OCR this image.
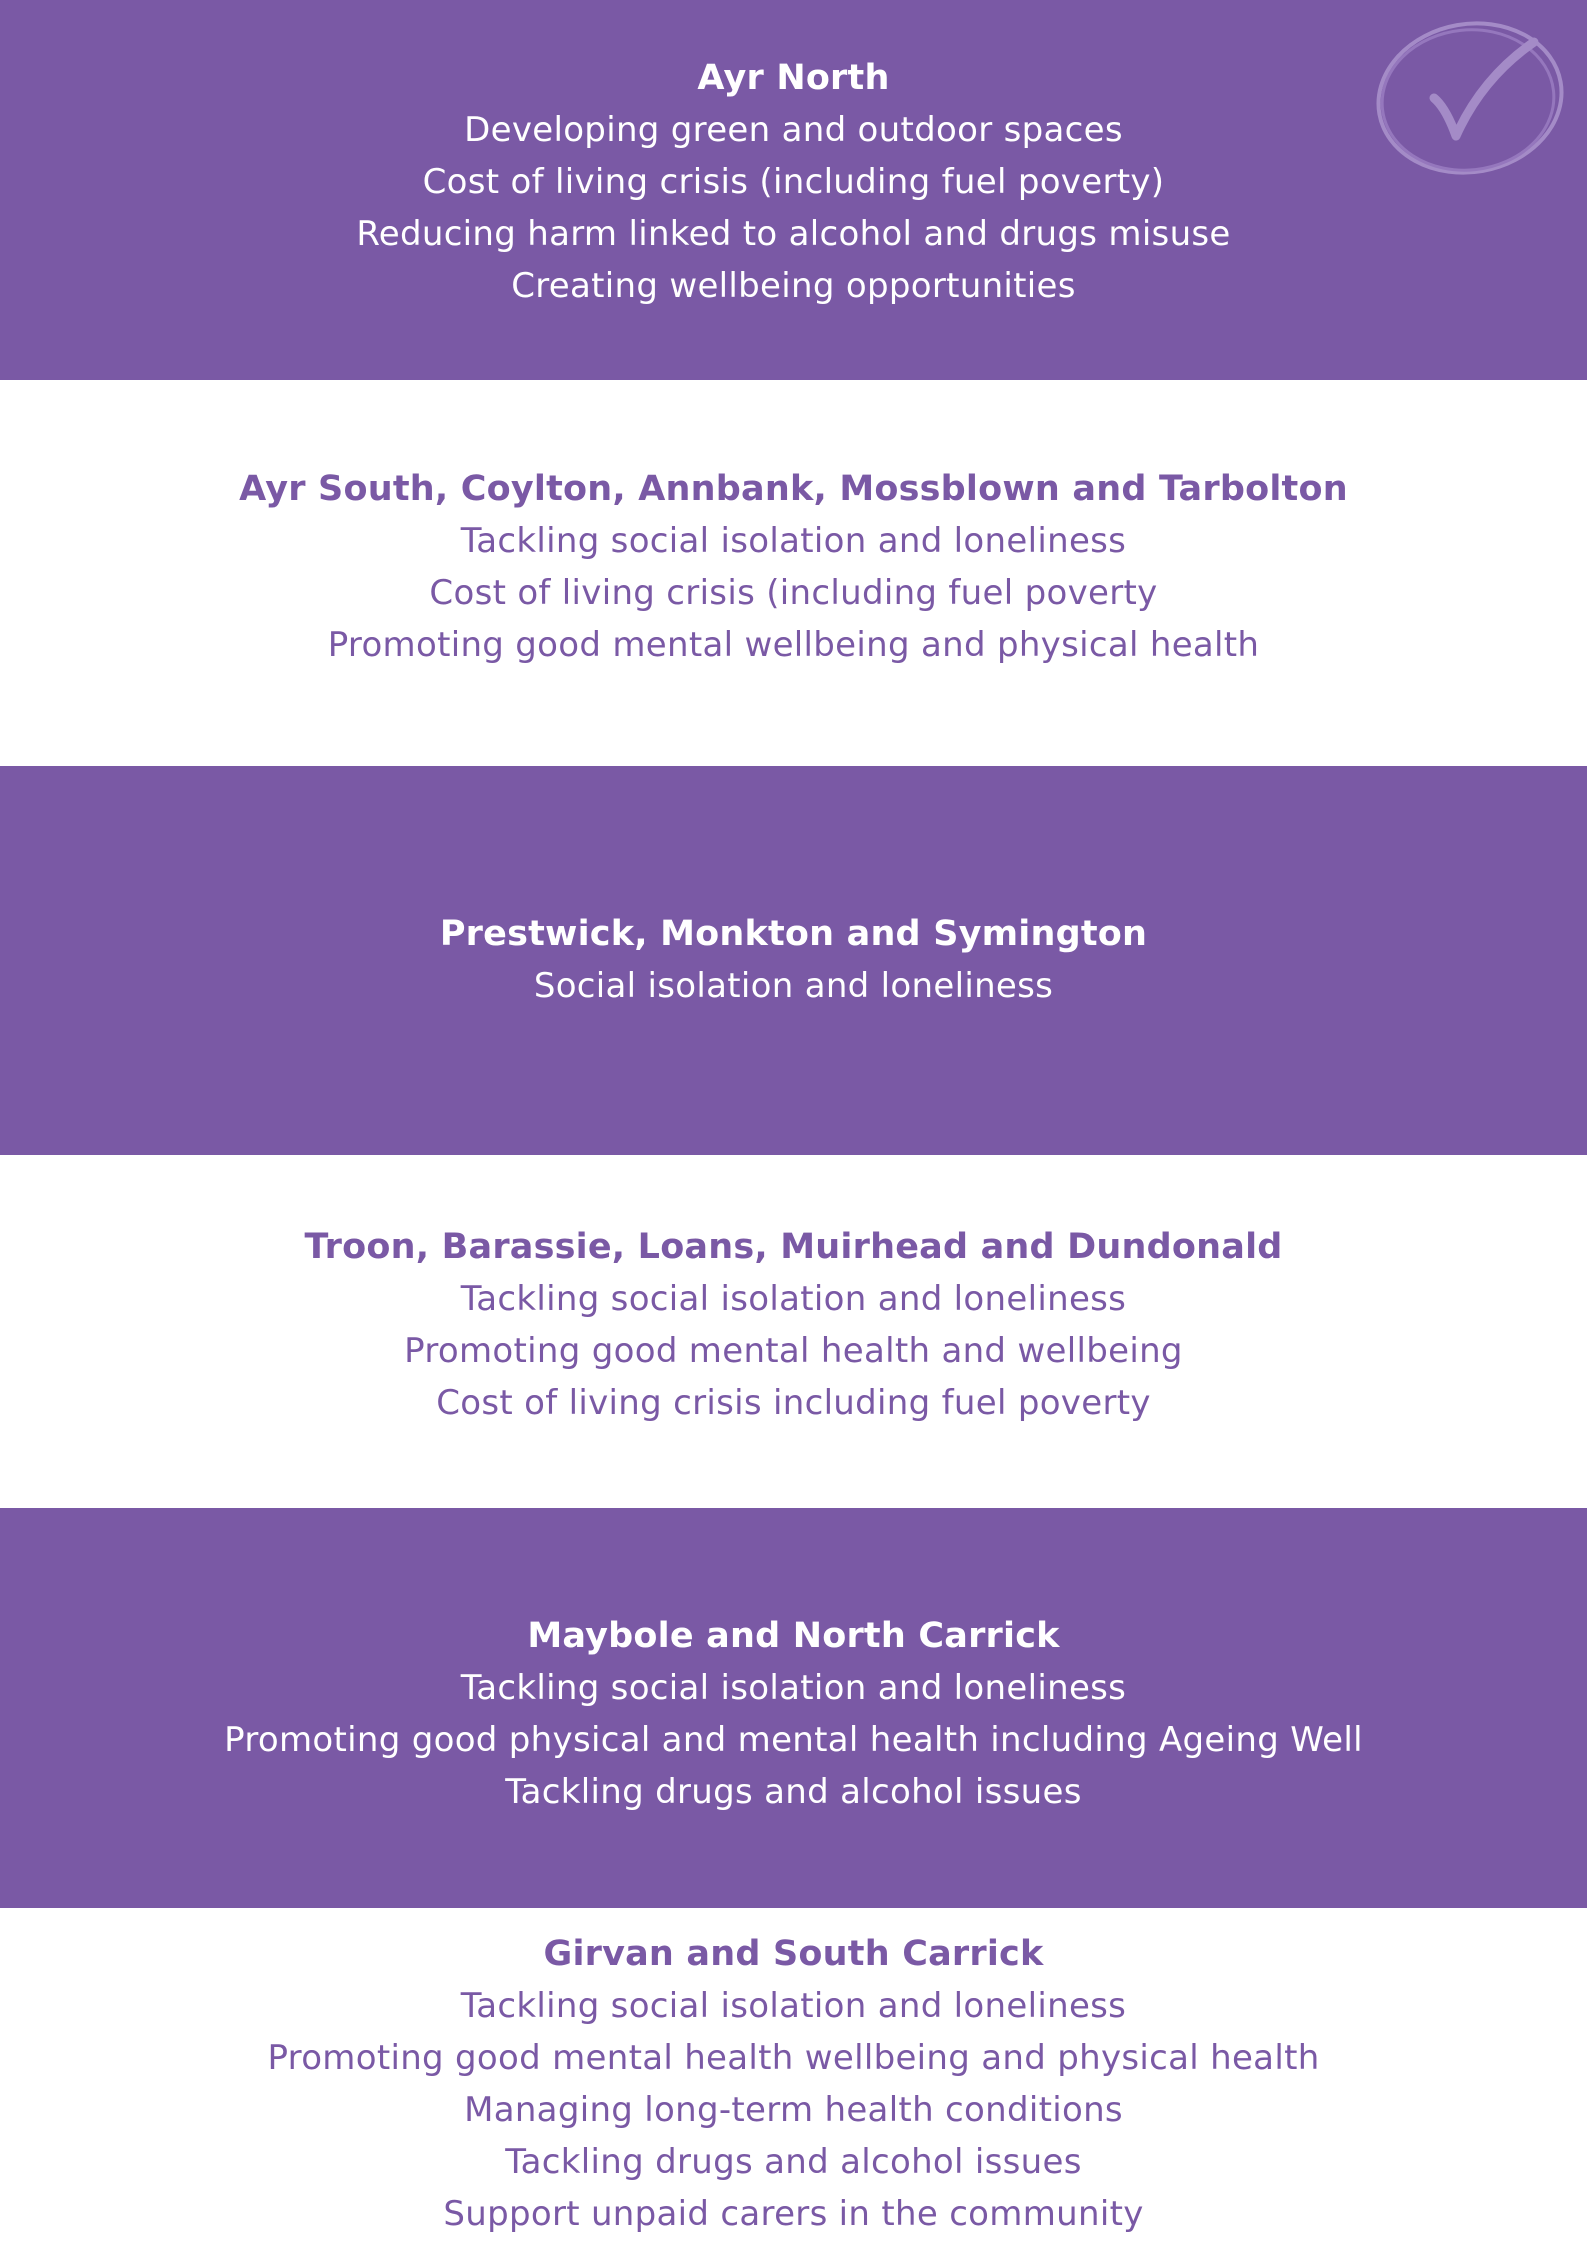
Ayr North

Developing green and outdoor spaces

Cost of living crisis (including fuel poverty)

Reducing harm linked to alcohol and drugs misuse

Creating wellbeing opportunities

Ayr South, Coylton, Annbank, Mossblown and Tarbolton

Tackling social isolation and loneliness

Cost of living crisis (including fuel poverty

Promoting good mental wellbeing and physical health

Prestwick, Monkton and Symington

Social isolation and loneliness

Troon, Barassie, Loans, Muirhead and Dundonald

Tackling social isolation and loneliness

Promoting good mental health and wellbeing

Cost of living crisis including fuel poverty

Maybole and North Carrick

Tackling social isolation and loneliness

Promoting good physical and mental health including Ageing Well

Tackling drugs and alcohol issues

Girvan and South Carrick

Tackling social isolation and loneliness

Promoting good mental health wellbeing and physical health

Managing long-term health conditions

Tackling drugs and alcohol issues

Support unpaid carers in the community
